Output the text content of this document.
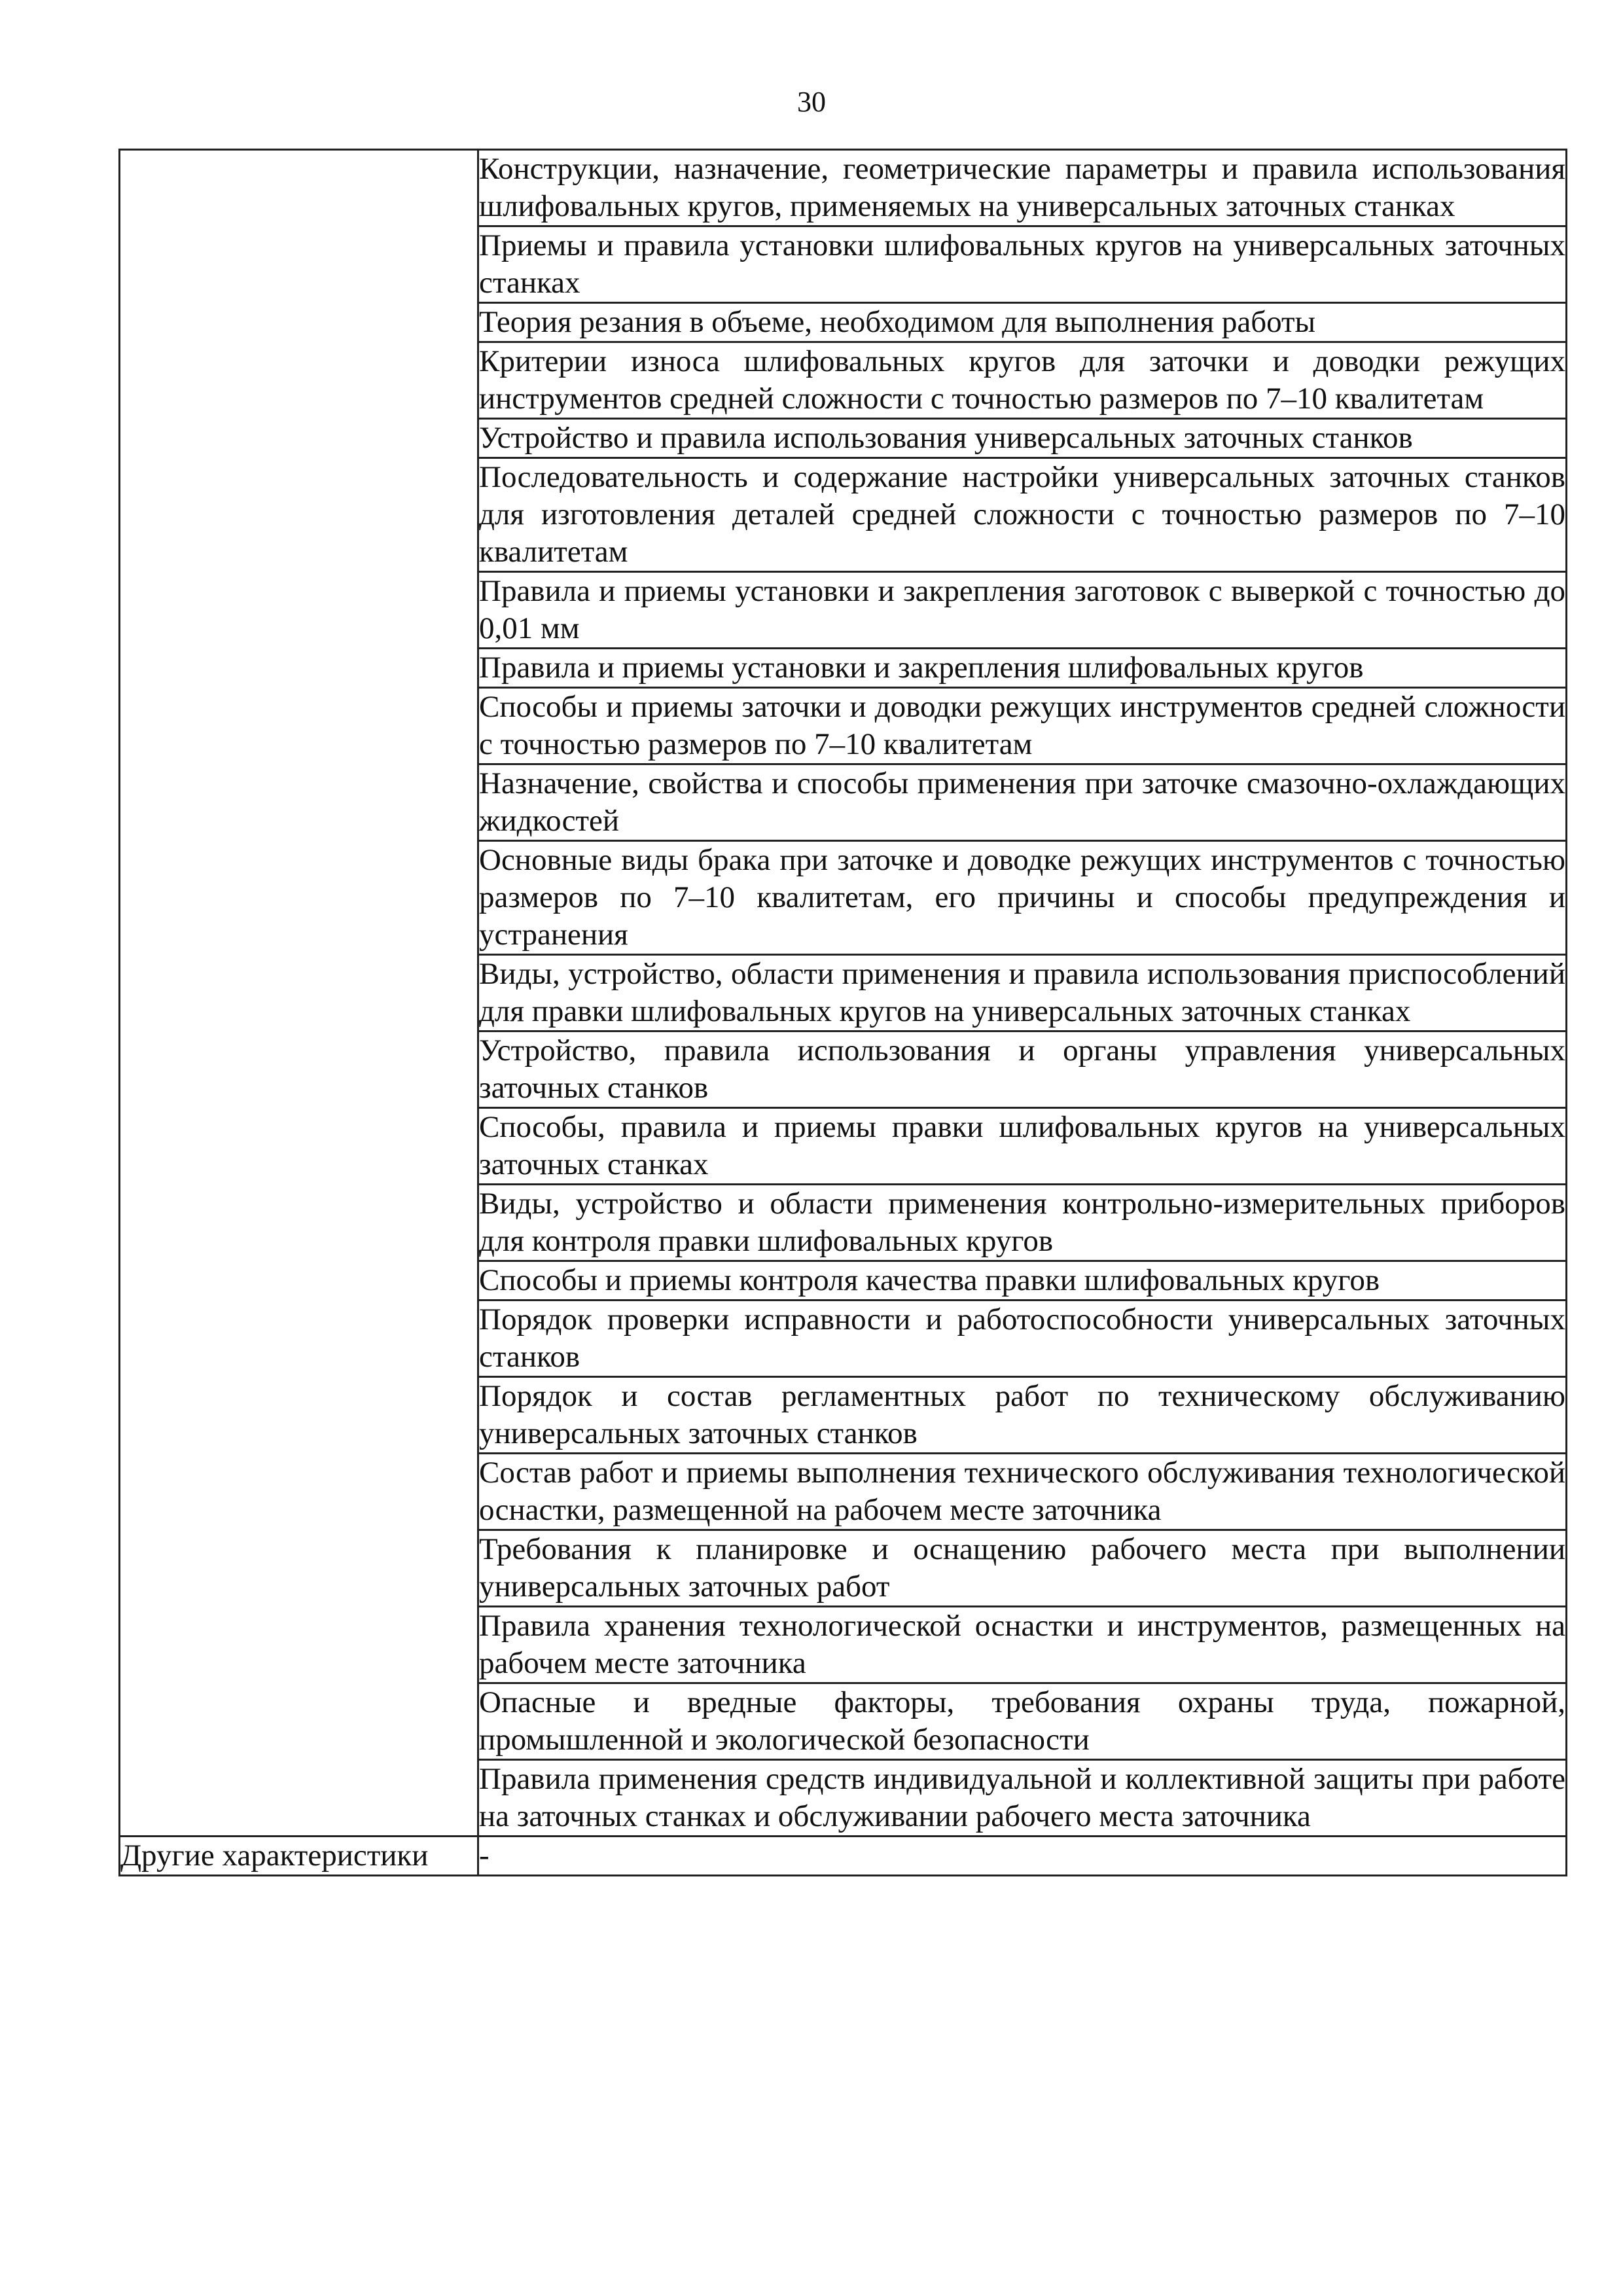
30
	Конструкции, назначение, геометрические параметры и правила использования шлифовальных кругов, применяемых на универсальных заточных станках
	Приемы и правила установки шлифовальных кругов на универсальных заточных станках
	Теория резания в объеме, необходимом для выполнения работы
	Критерии износа шлифовальных кругов для заточки и доводки режущих инструментов средней сложности с точностью размеров по 7–10 квалитетам
	Устройство и правила использования универсальных заточных станков
	Последовательность и содержание настройки универсальных заточных станков для изготовления деталей средней сложности с точностью размеров по 7–10 квалитетам
	Правила и приемы установки и закрепления заготовок с выверкой с точностью до 0,01 мм
	Правила и приемы установки и закрепления шлифовальных кругов
	Способы и приемы заточки и доводки режущих инструментов средней сложности с точностью размеров по 7–10 квалитетам
	Назначение, свойства и способы применения при заточке смазочно-охлаждающих жидкостей
	Основные виды брака при заточке и доводке режущих инструментов с точностью размеров по 7–10 квалитетам, его причины и способы предупреждения и устранения
	Виды, устройство, области применения и правила использования приспособлений для правки шлифовальных кругов на универсальных заточных станках
	Устройство, правила использования и органы управления универсальных заточных станков
	Способы, правила и приемы правки шлифовальных кругов на универсальных заточных станках
	Виды, устройство и области применения контрольно-измерительных приборов для контроля правки шлифовальных кругов
	Способы и приемы контроля качества правки шлифовальных кругов
	Порядок проверки исправности и работоспособности универсальных заточных станков
	Порядок и состав регламентных работ по техническому обслуживанию универсальных заточных станков
	Состав работ и приемы выполнения технического обслуживания технологической оснастки, размещенной на рабочем месте заточника
	Требования к планировке и оснащению рабочего места при выполнении универсальных заточных работ
	Правила хранения технологической оснастки и инструментов, размещенных на рабочем месте заточника
	Опасные и вредные факторы, требования охраны труда, пожарной, промышленной и экологической безопасности
	Правила применения средств индивидуальной и коллективной защиты при работе на заточных станках и обслуживании рабочего места заточника
Другие характеристики	-
